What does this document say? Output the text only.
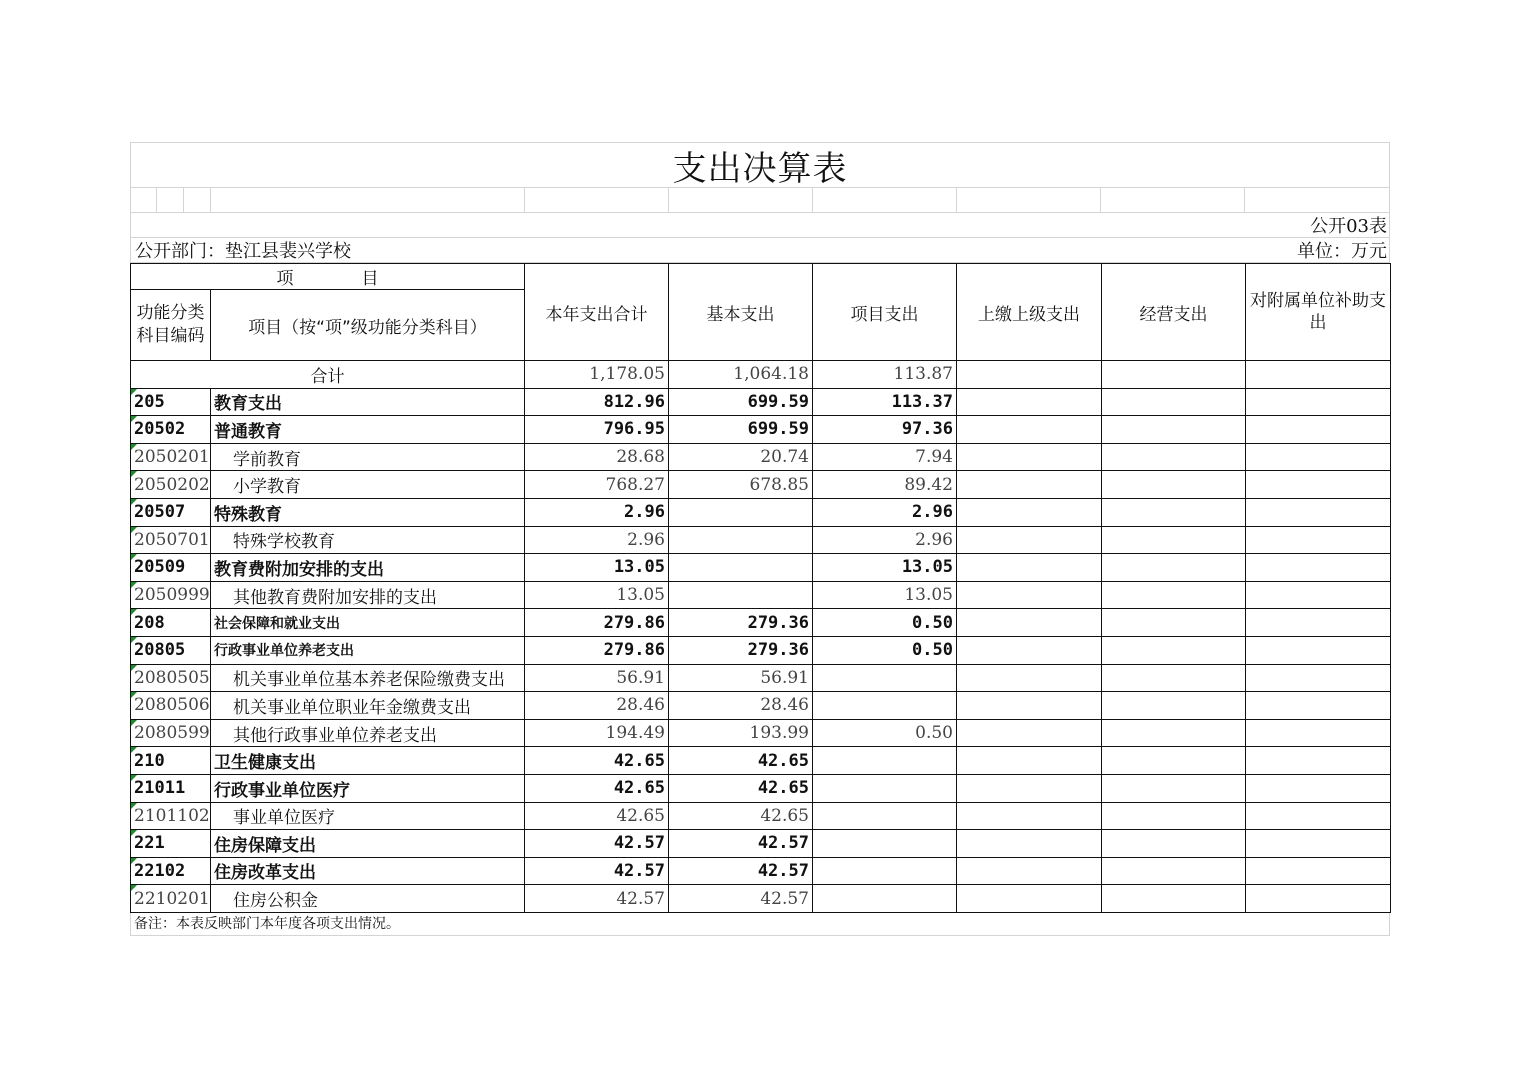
支出决算表
公开03表
公开部门：垫江县裴兴学校	单位：万元
项　　　　目		本年支出合计	基本支出	项目支出	上缴上级支出	经营支出	对附属单位补助支出
功能分类科目编码	项目（按“项”级功能分类科目）						
合计		1,178.05	1,064.18	113.87			
205	教育支出	812.96	699.59	113.37			
20502	普通教育	796.95	699.59	97.36			
2050201	学前教育	28.68	20.74	7.94			
2050202	小学教育	768.27	678.85	89.42			
20507	特殊教育	2.96		2.96			
2050701	特殊学校教育	2.96		2.96			
20509	教育费附加安排的支出	13.05		13.05			
2050999	其他教育费附加安排的支出	13.05		13.05			
208	社会保障和就业支出	279.86	279.36	0.50			
20805	行政事业单位养老支出	279.86	279.36	0.50			
2080505	机关事业单位基本养老保险缴费支出	56.91	56.91				
2080506	机关事业单位职业年金缴费支出	28.46	28.46				
2080599	其他行政事业单位养老支出	194.49	193.99	0.50			
210	卫生健康支出	42.65	42.65				
21011	行政事业单位医疗	42.65	42.65				
2101102	事业单位医疗	42.65	42.65				
221	住房保障支出	42.57	42.57				
22102	住房改革支出	42.57	42.57				
2210201	住房公积金	42.57	42.57				
备注：本表反映部门本年度各项支出情况。
